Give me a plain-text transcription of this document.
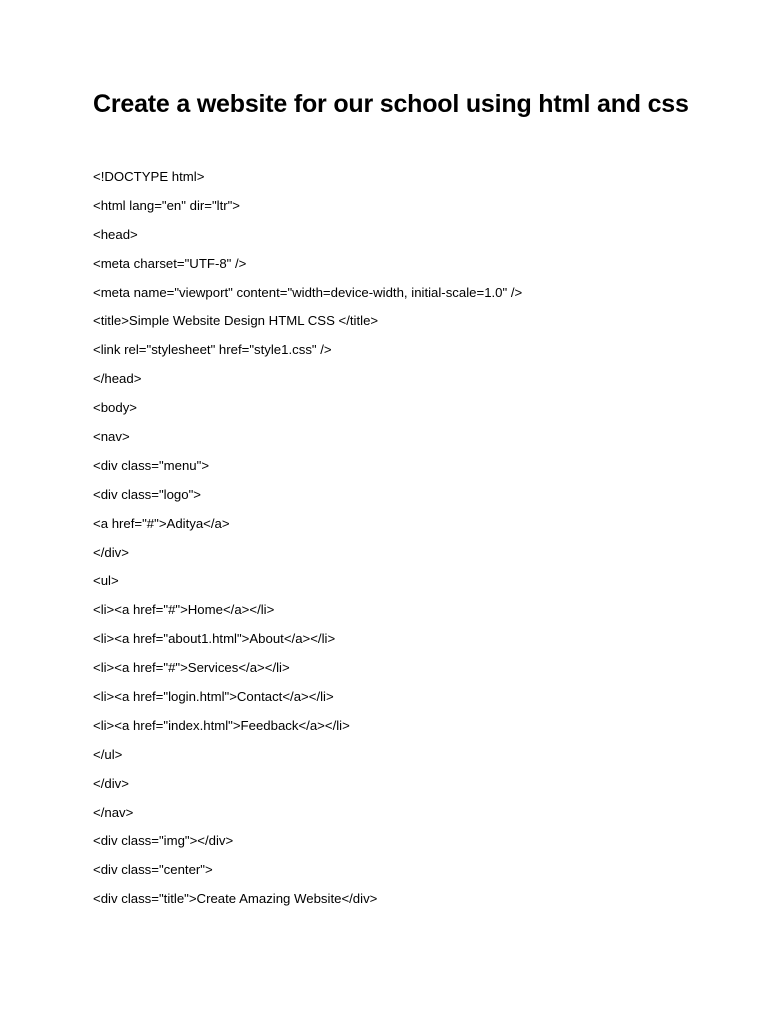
Create a website for our school using html and css
<!DOCTYPE html>
<html lang="en" dir="ltr">
<head>
<meta charset="UTF-8" />
<meta name="viewport" content="width=device-width, initial-scale=1.0" />
<title>Simple Website Design HTML CSS </title>
<link rel="stylesheet" href="style1.css" />
</head>
<body>
<nav>
<div class="menu">
<div class="logo">
<a href="#">Aditya</a>
</div>
<ul>
<li><a href="#">Home</a></li>
<li><a href="about1.html">About</a></li>
<li><a href="#">Services</a></li>
<li><a href="login.html">Contact</a></li>
<li><a href="index.html">Feedback</a></li>
</ul>
</div>
</nav>
<div class="img"></div>
<div class="center">
<div class="title">Create Amazing Website</div>
